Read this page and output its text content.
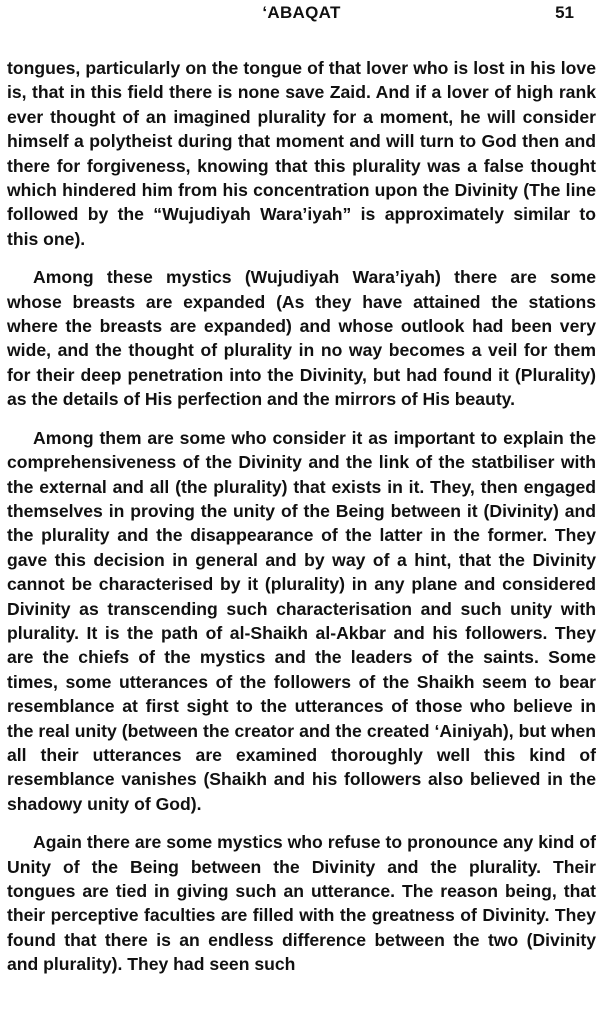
‘ABAQAT	51

tongues, particularly on the tongue of that lover who is lost in his love is, that in this field there is none save Zaid. And if a lover of high rank ever thought of an imagined plurality for a moment, he will consider himself a polytheist during that moment and will turn to God then and there for forgiveness, knowing that this plurality was a false thought which hindered him from his concentration upon the Divinity (The line followed by the “Wujudiyah Wara’iyah” is approximately similar to this one).

Among these mystics (Wujudiyah Wara’iyah) there are some whose breasts are expanded (As they have attained the stations where the breasts are expanded) and whose outlook had been very wide, and the thought of plurality in no way becomes a veil for them for their deep penetration into the Divinity, but had found it (Plurality) as the details of His perfection and the mirrors of His beauty.

Among them are some who consider it as important to explain the comprehensiveness of the Divinity and the link of the statbiliser with the external and all (the plurality) that exists in it. They, then engaged themselves in proving the unity of the Being between it (Divinity) and the plurality and the disappearance of the latter in the former. They gave this decision in general and by way of a hint, that the Divinity cannot be characterised by it (plurality) in any plane and considered Divinity as transcending such characterisation and such unity with plurality. It is the path of al-Shaikh al-Akbar and his followers. They are the chiefs of the mystics and the leaders of the saints. Some times, some utterances of the followers of the Shaikh seem to bear resemblance at first sight to the utterances of those who believe in the real unity (between the creator and the created ‘Ainiyah), but when all their utterances are examined thoroughly well this kind of resemblance vanishes (Shaikh and his followers also believed in the shadowy unity of God).

Again there are some mystics who refuse to pronounce any kind of Unity of the Being between the Divinity and the plurality. Their tongues are tied in giving such an utterance. The reason being, that their perceptive faculties are filled with the greatness of Divinity. They found that there is an endless difference between the two (Divinity and plurality). They had seen such
